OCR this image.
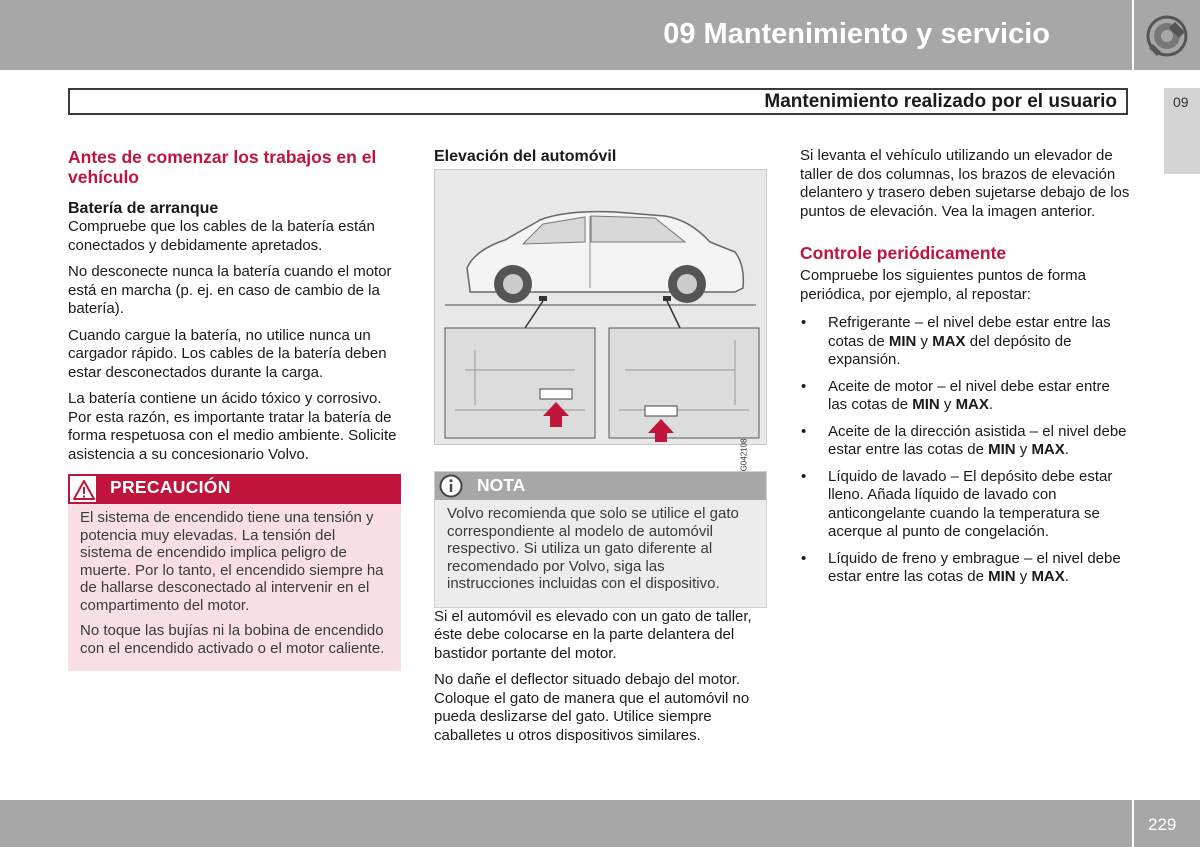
09 Mantenimiento y servicio
Mantenimiento realizado por el usuario	09
Antes de comenzar los trabajos en el vehículo
Batería de arranque

Compruebe que los cables de la batería están conectados y debidamente apretados.

No desconecte nunca la batería cuando el motor está en marcha (p. ej. en caso de cambio de la batería).

Cuando cargue la batería, no utilice nunca un cargador rápido. Los cables de la batería deben estar desconectados durante la carga.

La batería contiene un ácido tóxico y corrosivo. Por esta razón, es importante tratar la batería de forma respetuosa con el medio ambiente. Solicite asistencia a su concesionario Volvo.

PRECAUCIÓN

El sistema de encendido tiene una tensión y potencia muy elevadas. La tensión del sistema de encendido implica peligro de muerte. Por lo tanto, el encendido siempre ha de hallarse desconectado al intervenir en el compartimento del motor.

No toque las bujías ni la bobina de encendido con el encendido activado o el motor caliente.

Elevación del automóvil
G042108
NOTA
Volvo recomienda que solo se utilice el gato correspondiente al modelo de automóvil respectivo. Si utiliza un gato diferente al recomendado por Volvo, siga las instrucciones incluidas con el dispositivo.

Si el automóvil es elevado con un gato de taller, éste debe colocarse en la parte delantera del bastidor portante del motor.

No dañe el deflector situado debajo del motor. Coloque el gato de manera que el automóvil no pueda deslizarse del gato. Utilice siempre caballetes u otros dispositivos similares.

Si levanta el vehículo utilizando un elevador de taller de dos columnas, los brazos de elevación delantero y trasero deben sujetarse debajo de los puntos de elevación. Vea la imagen anterior.

Controle periódicamente

Compruebe los siguientes puntos de forma periódica, por ejemplo, al repostar:

• Refrigerante – el nivel debe estar entre las cotas de MIN y MAX del depósito de expansión.
• Aceite de motor – el nivel debe estar entre las cotas de MIN y MAX.
• Aceite de la dirección asistida – el nivel debe estar entre las cotas de MIN y MAX.
• Líquido de lavado – El depósito debe estar lleno. Añada líquido de lavado con anticongelante cuando la temperatura se acerque al punto de congelación.
• Líquido de freno y embrague – el nivel debe estar entre las cotas de MIN y MAX.
229
